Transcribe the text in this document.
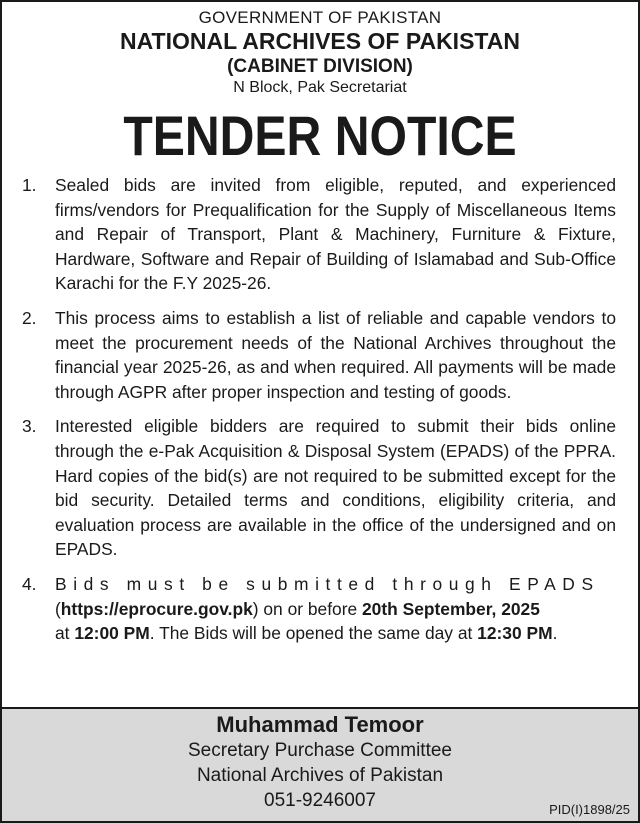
GOVERNMENT OF PAKISTAN
NATIONAL ARCHIVES OF PAKISTAN
(CABINET DIVISION)
N Block, Pak Secretariat
TENDER NOTICE
1.	Sealed bids are invited from eligible, reputed, and experienced firms/vendors for Prequalification for the Supply of Miscellaneous Items and Repair of Transport, Plant & Machinery, Furniture & Fixture, Hardware, Software and Repair of Building of Islamabad and Sub-Office Karachi for the F.Y 2025-26.
2.	This process aims to establish a list of reliable and capable vendors to meet the procurement needs of the National Archives throughout the financial year 2025-26, as and when required. All payments will be made through AGPR after proper inspection and testing of goods.
3.	Interested eligible bidders are required to submit their bids online through the e-Pak Acquisition & Disposal System (EPADS) of the PPRA. Hard copies of the bid(s) are not required to be submitted except for the bid security. Detailed terms and conditions, eligibility criteria, and evaluation process are available in the office of the undersigned and on EPADS.
4.	Bids must be submitted through EPADS
(https://eprocure.gov.pk) on or before 20th September, 2025
at 12:00 PM. The Bids will be opened the same day at 12:30 PM.
Muhammad Temoor
Secretary Purchase Committee
National Archives of Pakistan
051-9246007	PID(I)1898/25
